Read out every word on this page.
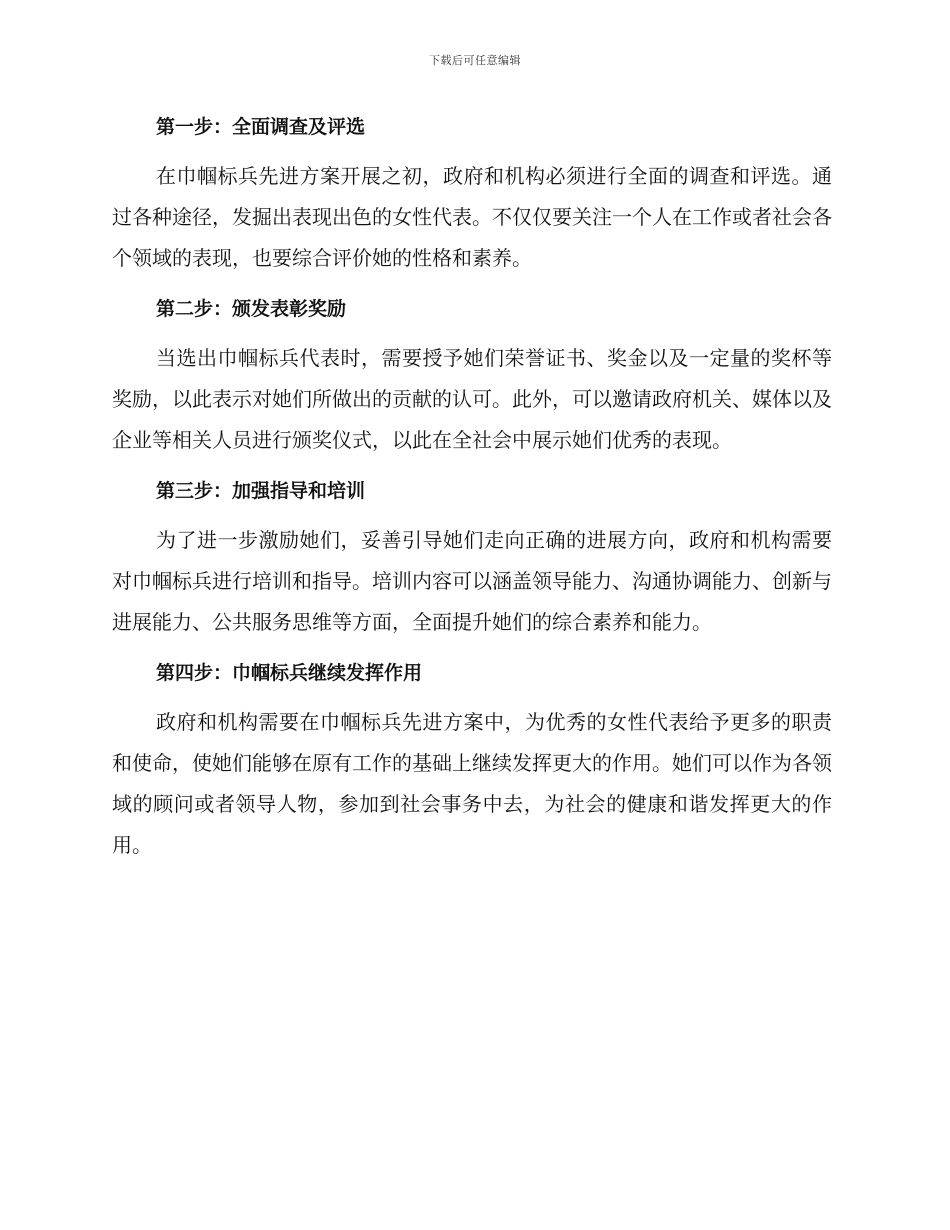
下载后可任意编辑
第一步：全面调查及评选
在巾帼标兵先进方案开展之初，政府和机构必须进行全面的调查和评选。通过各种途径，发掘出表现出色的女性代表。不仅仅要关注一个人在工作或者社会各个领域的表现，也要综合评价她的性格和素养。
第二步：颁发表彰奖励
当选出巾帼标兵代表时，需要授予她们荣誉证书、奖金以及一定量的奖杯等奖励，以此表示对她们所做出的贡献的认可。此外，可以邀请政府机关、媒体以及企业等相关人员进行颁奖仪式，以此在全社会中展示她们优秀的表现。
第三步：加强指导和培训
为了进一步激励她们，妥善引导她们走向正确的进展方向，政府和机构需要对巾帼标兵进行培训和指导。培训内容可以涵盖领导能力、沟通协调能力、创新与进展能力、公共服务思维等方面，全面提升她们的综合素养和能力。
第四步：巾帼标兵继续发挥作用
政府和机构需要在巾帼标兵先进方案中，为优秀的女性代表给予更多的职责和使命，使她们能够在原有工作的基础上继续发挥更大的作用。她们可以作为各领域的顾问或者领导人物，参加到社会事务中去，为社会的健康和谐发挥更大的作用。
